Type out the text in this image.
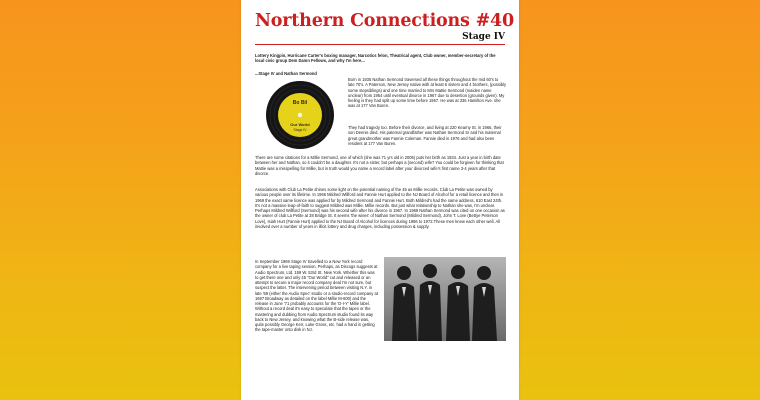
Northern Connections #40
Stage IV
Lottery Kingpin, Hurricane Carter's boxing manager, Narcotics felon, Theatrical agent, Club owner, member-secretary of the local civic group Dem Damn Fellows, and why I'm here...
...Stage IV and Nathan Sermond
Bo Bil
Our World
Stage IV
Born in 1935 Nathan Sermond traversed all these things throughout the mid 60's to late 70's. A Paterson, New Jersey native with at least 6 sisters and 4 brothers, (possibly some stepsiblings) and one time married to Mrs Mattie Sermond (maiden name unclear) from 1954 until eventual divorce in 1967 due to desertion (grounds given). My feeling is they had split up some time before 1967. He was at 336 Hamilton Ave. she was at 177 Van Buren.
They had tragedy too. Before their divorce, and living at 220 Kearny St. in 1966, their son Dennis died. His paternal grandfather was Nathan Sermond Sr and his maternal great grandmother was Fannie Coleman. Fannie died in 1976 and had also been resident at 177 Van Buren.
There are some citations for a Millie Sermond, one of which (she was 71 yrs old in 2005) puts her birth as 1934. Just a year in birth date between her and Nathan, so it couldn't be a daughter. It's not a sister, but perhaps a (second) wife? You could be forgiven for thinking that Mattie was a misspelling for Millie, but in truth would you name a record label after your divorced wife's first name 3-4 years after that divorce.
Associations with Club La Petite shines some light on the potential naming of the 45 as Millie records. Club La Petite was owned by various people over its lifetime. In 1966 Mildred Willford and Fannie Hurt applied to the NJ Board of Alcohol for a retail licence and then in 1969 the exact same licence was applied for by Mildred Sermond and Fannie Hurt. Both Mildred's had the same address, 610 East 24th. It's not a massive leap-of-faith to suggest Mildred was Millie. Millie records. But just what relationship to Nathan she was, I'm unclear. Perhaps Mildred Willford (Sermond) was his second wife after his divorce in 1967. In 1969 Nathan Sermond was cited on one occasion as the owner of club La Petite at 38 Bridge St. It seems 'the wives' of Nathan Sermond (Mildred Sermond), John T. Love (Bettye Peterson Love), Isiah Hurt (Fannie Hurt) applied to the NJ Board of Alcohol for licences during 1966 to 1972.These men knew each other well. All involved over a number of years in illicit lottery and drug charges, including possession & supply.
In September 1969 Stage IV travelled to a New York record company for a live taping session. Perhaps, as Discogs suggests at Audio Spectrum, Ltd. 159 W. 53rd St. New York. Whether this was to get there one and only 45 "Our World" cut and released or an attempt to secure a major record company deal I'm not sure, but suspect the latter. The intervening period between visiting N.Y. in late '69 (either the Audio Spec' studio or a studio-record company at 1697 Broadway as detailed on the label Millie M-600) and the release in June '71 probably accounts for the 'D-I-Y' Millie label. Without a record deal it's easy to speculate that the tapes or the mastering and dubbing from Audio Spectrum studio found its way back to New Jersey, and knowing what the B-side release was, quite possibly George Kerr, Luke Gross, etc. had a hand in getting the tape-master onto disk in NJ.
